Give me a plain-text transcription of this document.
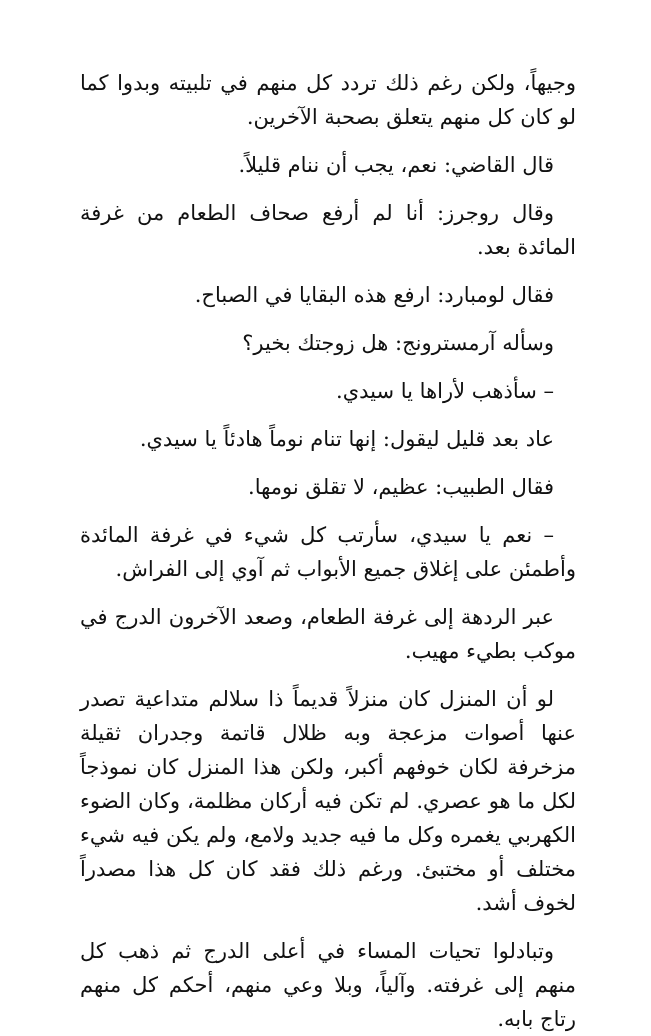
وجيهاً، ولكن رغم ذلك تردد كل منهم في تلبيته وبدوا كما لو كان كل منهم يتعلق بصحبة الآخرين.

قال القاضي: نعم، يجب أن ننام قليلاً.

وقال روجرز: أنا لم أرفع صحاف الطعام من غرفة المائدة بعد.

فقال لومبارد: ارفع هذه البقايا في الصباح.

وسأله آرمسترونج: هل زوجتك بخير؟

– سأذهب لأراها يا سيدي.

عاد بعد قليل ليقول: إنها تنام نوماً هادئاً يا سيدي.

فقال الطبيب: عظيم، لا تقلق نومها.

– نعم يا سيدي، سأرتب كل شيء في غرفة المائدة وأطمئن على إغلاق جميع الأبواب ثم آوي إلى الفراش.

عبر الردهة إلى غرفة الطعام، وصعد الآخرون الدرج في موكب بطيء مهيب.

لو أن المنزل كان منزلاً قديماً ذا سلالم متداعية تصدر عنها أصوات مزعجة وبه ظلال قاتمة وجدران ثقيلة مزخرفة لكان خوفهم أكبر، ولكن هذا المنزل كان نموذجاً لكل ما هو عصري. لم تكن فيه أركان مظلمة، وكان الضوء الكهربي يغمره وكل ما فيه جديد ولامع، ولم يكن فيه شيء مختلف أو مختبئ. ورغم ذلك فقد كان كل هذا مصدراً لخوف أشد.

وتبادلوا تحيات المساء في أعلى الدرج ثم ذهب كل منهم إلى غرفته. وآلياً، وبلا وعي منهم، أحكم كل منهم رتاج بابه.
